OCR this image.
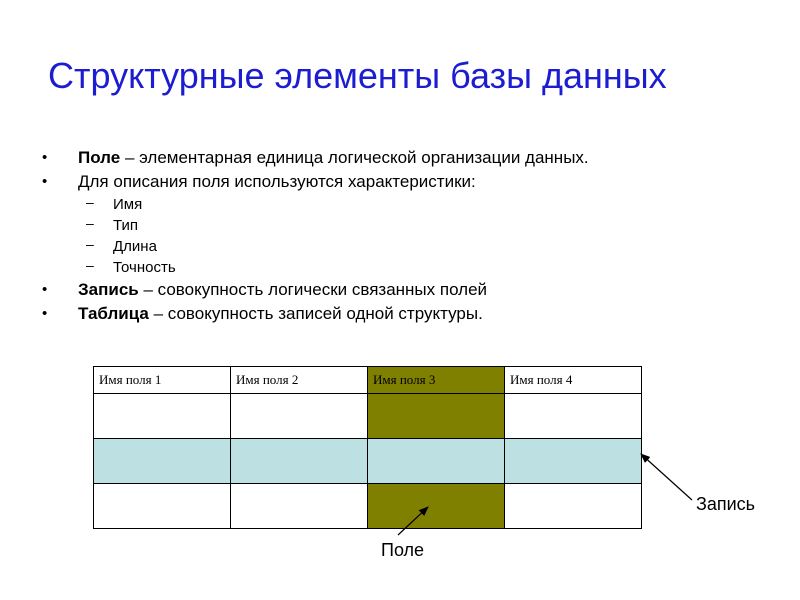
Структурные элементы базы данных
• Поле – элементарная единица логической организации данных.
• Для описания поля используются характеристики:
– Имя
– Тип
– Длина
– Точность
• Запись – совокупность логически связанных полей
• Таблица – совокупность записей одной структуры.
Имя поля 1	Имя поля 2	Имя поля 3	Имя поля 4

Запись
Поле
